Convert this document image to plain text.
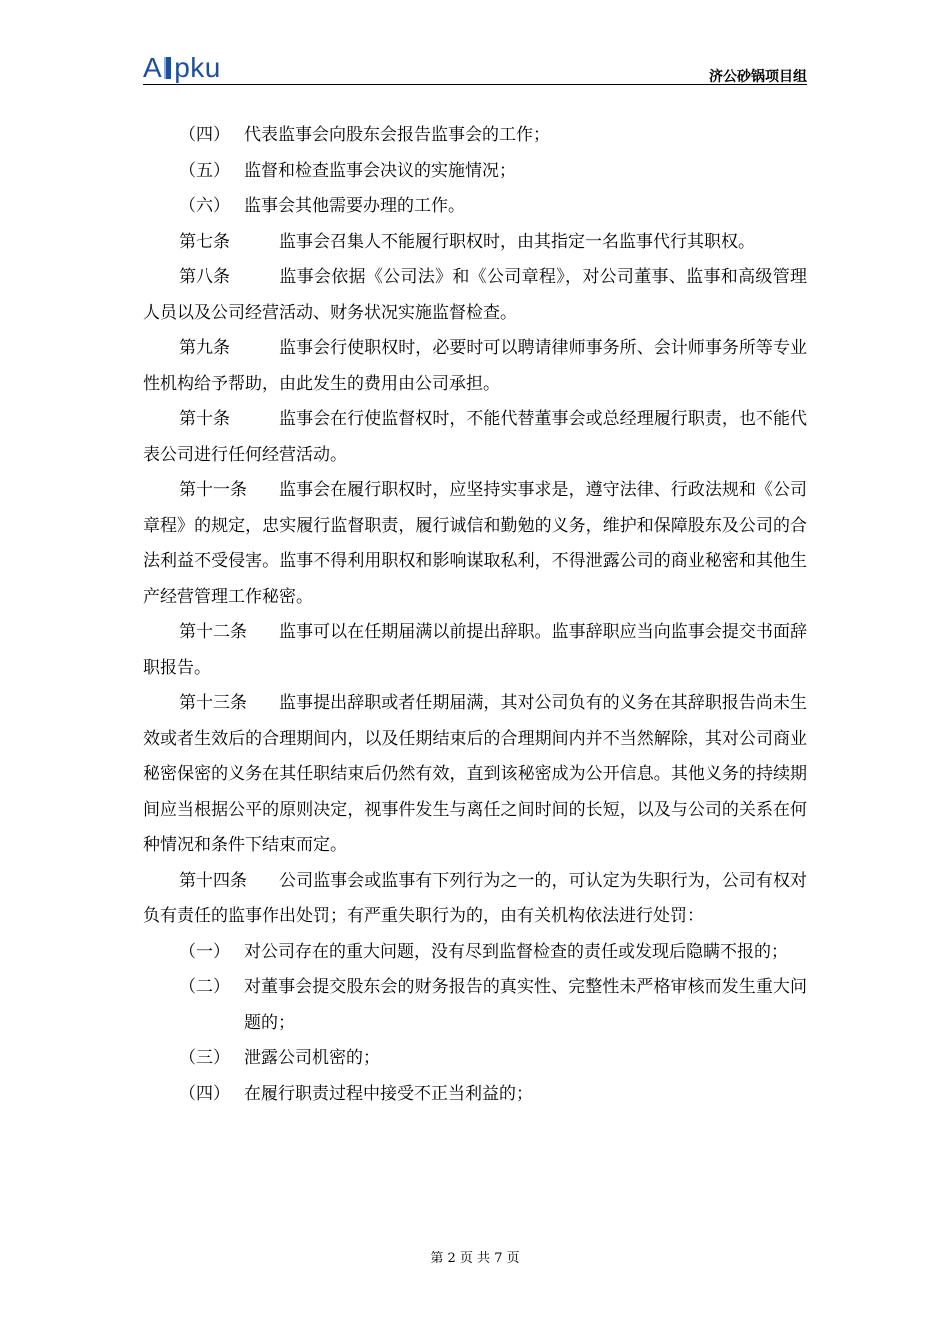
A pku	济公砂锅项目组
（四） 代表监事会向股东会报告监事会的工作；
（五） 监督和检查监事会决议的实施情况；
（六） 监事会其他需要办理的工作。

第七条	监事会召集人不能履行职权时，由其指定一名监事代行其职权。

第八条	监事会依据《公司法》和《公司章程》，对公司董事、监事和高级管理人员以及公司经营活动、财务状况实施监督检查。

第九条	监事会行使职权时，必要时可以聘请律师事务所、会计师事务所等专业性机构给予帮助，由此发生的费用由公司承担。

第十条	监事会在行使监督权时，不能代替董事会或总经理履行职责，也不能代表公司进行任何经营活动。

第十一条 监事会在履行职权时，应坚持实事求是，遵守法律、行政法规和《公司章程》的规定，忠实履行监督职责，履行诚信和勤勉的义务，维护和保障股东及公司的合法利益不受侵害。监事不得利用职权和影响谋取私利，不得泄露公司的商业秘密和其他生产经营管理工作秘密。

第十二条 监事可以在任期届满以前提出辞职。监事辞职应当向监事会提交书面辞职报告。

第十三条 监事提出辞职或者任期届满，其对公司负有的义务在其辞职报告尚未生效或者生效后的合理期间内，以及任期结束后的合理期间内并不当然解除，其对公司商业秘密保密的义务在其任职结束后仍然有效，直到该秘密成为公开信息。其他义务的持续期间应当根据公平的原则决定，视事件发生与离任之间时间的长短，以及与公司的关系在何种情况和条件下结束而定。

第十四条 公司监事会或监事有下列行为之一的，可认定为失职行为，公司有权对负有责任的监事作出处罚；有严重失职行为的，由有关机构依法进行处罚：

（一） 对公司存在的重大问题，没有尽到监督检查的责任或发现后隐瞒不报的；
（二） 对董事会提交股东会的财务报告的真实性、完整性未严格审核而发生重大问题的；
（三） 泄露公司机密的；
（四） 在履行职责过程中接受不正当利益的；
第 2 页 共 7 页
